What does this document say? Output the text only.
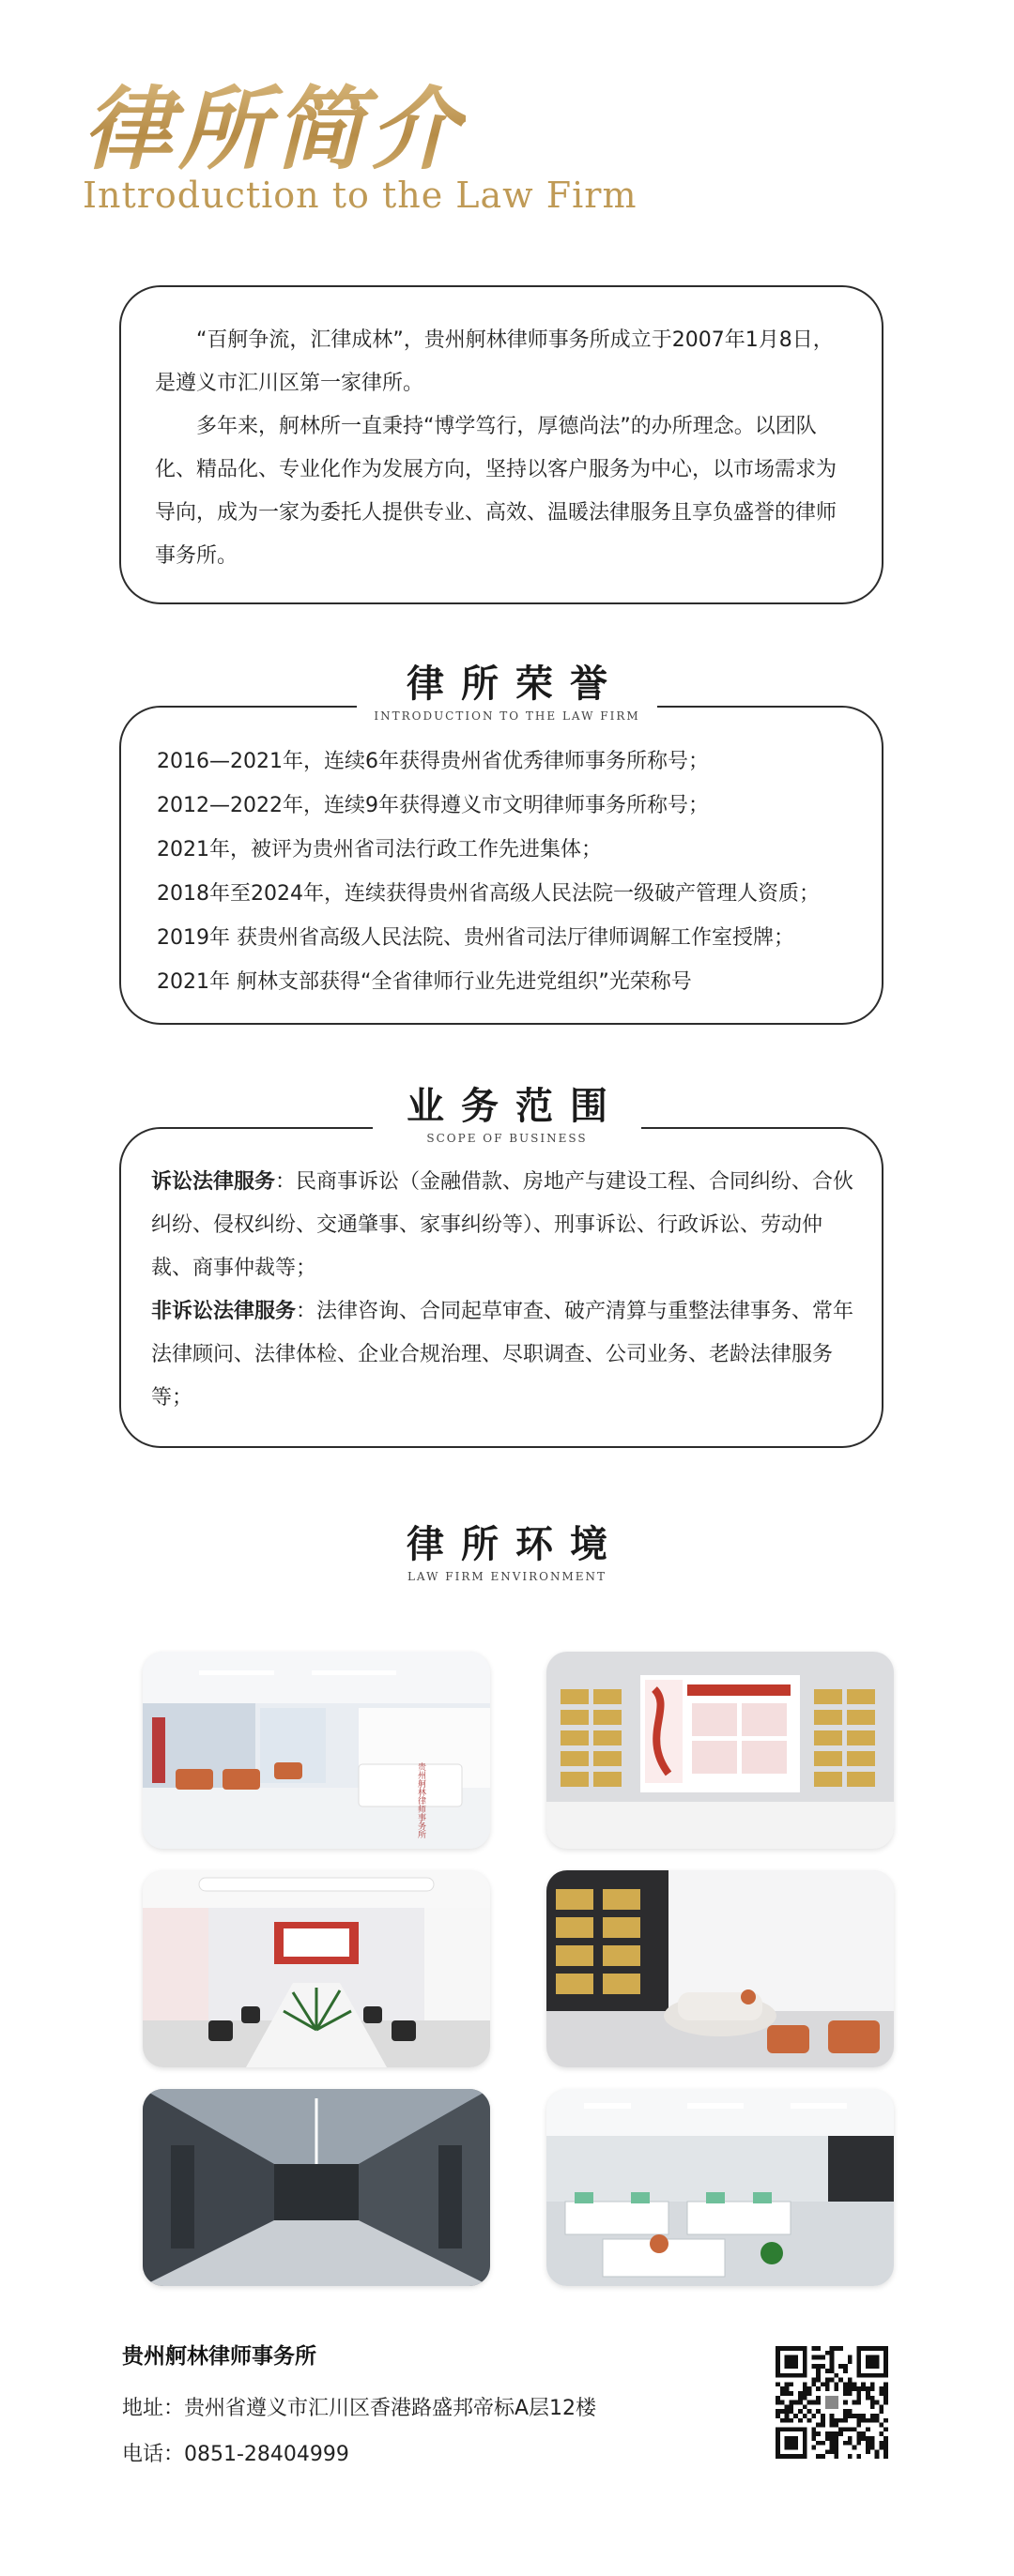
律所简介
Introduction to the Law Firm

“百舸争流，汇律成林”，贵州舸林律师事务所成立于2007年1月8日，是遵义市汇川区第一家律所。

多年来，舸林所一直秉持“博学笃行，厚德尚法”的办所理念。以团队化、精品化、专业化作为发展方向，坚持以客户服务为中心，以市场需求为导向，成为一家为委托人提供专业、高效、温暖法律服务且享负盛誉的律师事务所。

律所荣誉
INTRODUCTION TO THE LAW FIRM
2016—2021年，连续6年获得贵州省优秀律师事务所称号；
2012—2022年，连续9年获得遵义市文明律师事务所称号；
2021年，被评为贵州省司法行政工作先进集体；
2018年至2024年，连续获得贵州省高级人民法院一级破产管理人资质；
2019年 获贵州省高级人民法院、贵州省司法厅律师调解工作室授牌；
2021年 舸林支部获得“全省律师行业先进党组织”光荣称号
业务范围
SCOPE OF BUSINESS

诉讼法律服务：民商事诉讼（金融借款、房地产与建设工程、合同纠纷、合伙纠纷、侵权纠纷、交通肇事、家事纠纷等）、刑事诉讼、行政诉讼、劳动仲裁、商事仲裁等；

非诉讼法律服务：法律咨询、合同起草审查、破产清算与重整法律事务、常年法律顾问、法律体检、企业合规治理、尽职调查、公司业务、老龄法律服务等；

律所环境
LAW FIRM ENVIRONMENT
贵州舸林律师事务所
贵州舸林律师事务所
地址：贵州省遵义市汇川区香港路盛邦帝标A层12楼
电话：0851-28404999
